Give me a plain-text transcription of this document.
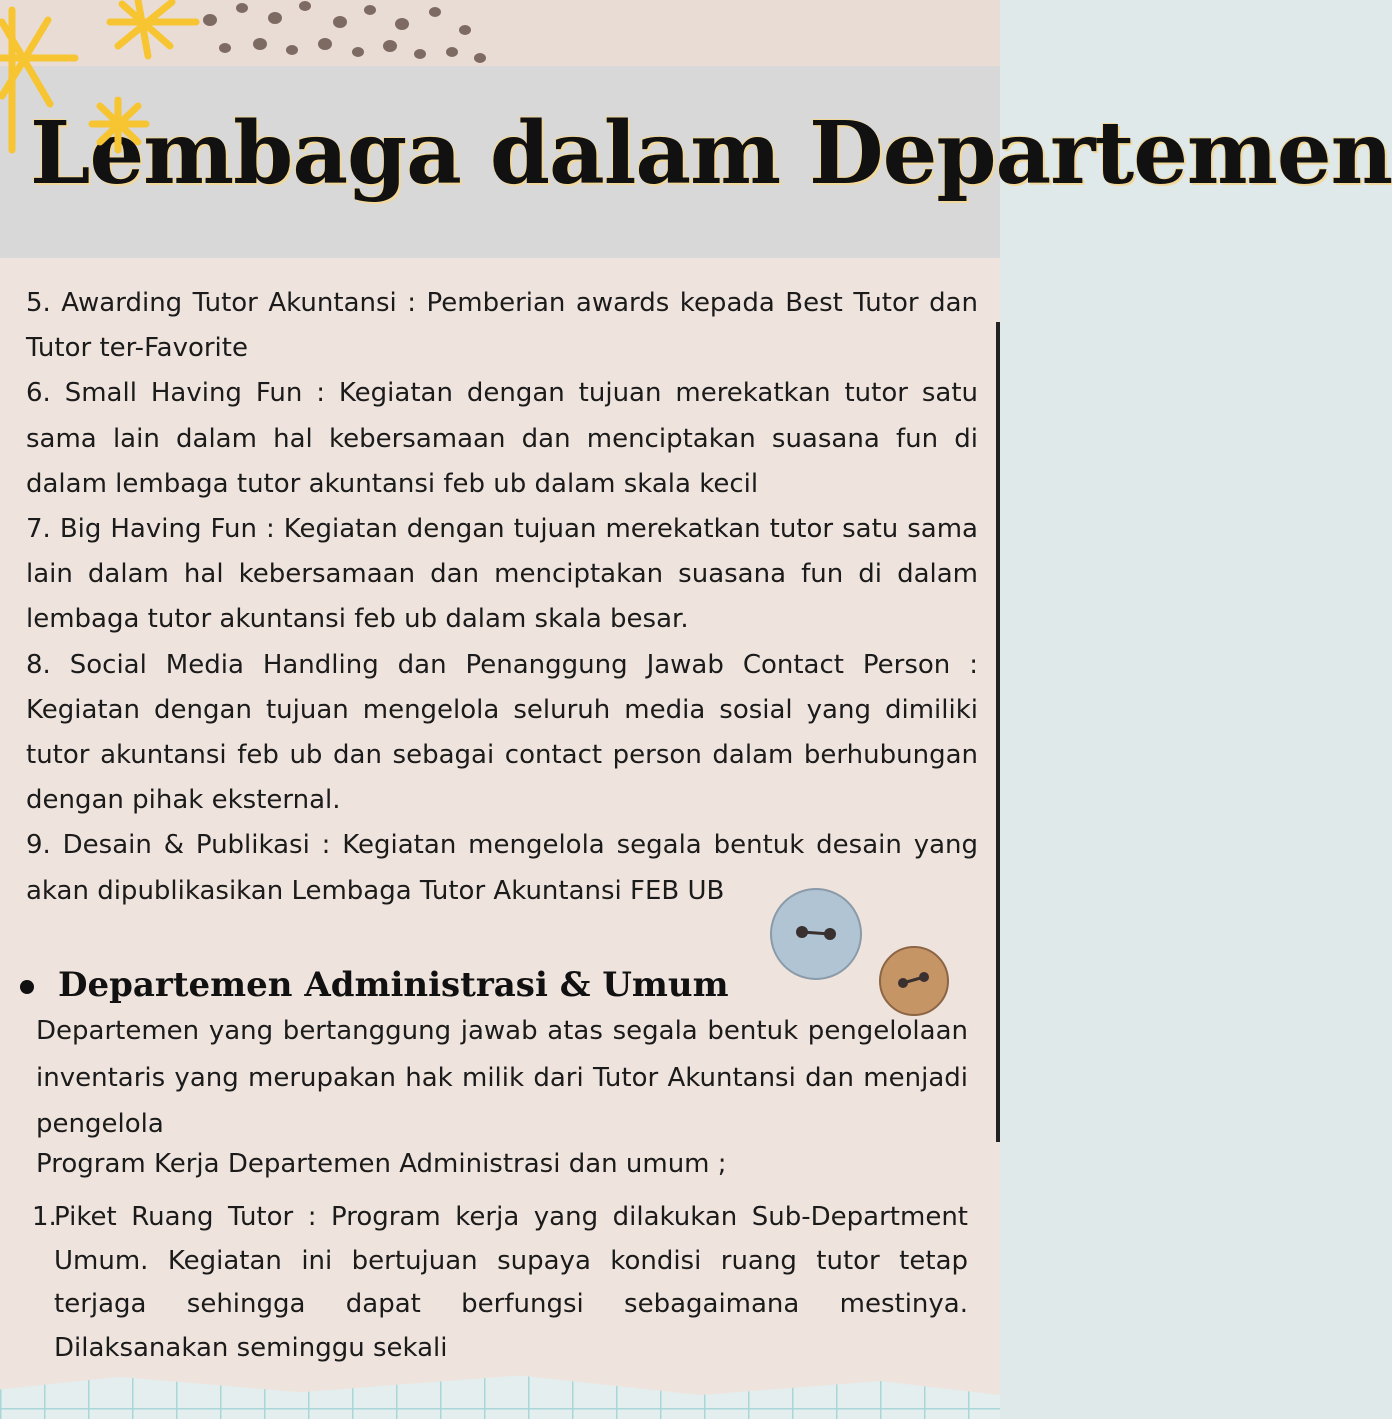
Lembaga dalam Departemen

5. Awarding Tutor Akuntansi : Pemberian awards kepada Best Tutor dan Tutor ter-Favorite

6. Small Having Fun : Kegiatan dengan tujuan merekatkan tutor satu sama lain dalam hal kebersamaan dan menciptakan suasana fun di dalam lembaga tutor akuntansi feb ub dalam skala kecil

7. Big Having Fun : Kegiatan dengan tujuan merekatkan tutor satu sama lain dalam hal kebersamaan dan menciptakan suasana fun di dalam lembaga tutor akuntansi feb ub dalam skala besar.

8. Social Media Handling dan Penanggung Jawab Contact Person : Kegiatan dengan tujuan mengelola seluruh media sosial yang dimiliki tutor akuntansi feb ub dan sebagai contact person dalam berhubungan dengan pihak eksternal.

9. Desain & Publikasi : Kegiatan mengelola segala bentuk desain yang akan dipublikasikan Lembaga Tutor Akuntansi FEB UB

Departemen Administrasi & Umum

Departemen yang bertanggung jawab atas segala bentuk pengelolaan inventaris yang merupakan hak milik dari Tutor Akuntansi dan menjadi pengelola

Program Kerja Departemen Administrasi dan umum ;

1.
Piket Ruang Tutor : Program kerja yang dilakukan Sub-Department Umum. Kegiatan ini bertujuan supaya kondisi ruang tutor tetap terjaga sehingga dapat berfungsi sebagaimana mestinya. Dilaksanakan seminggu sekali
